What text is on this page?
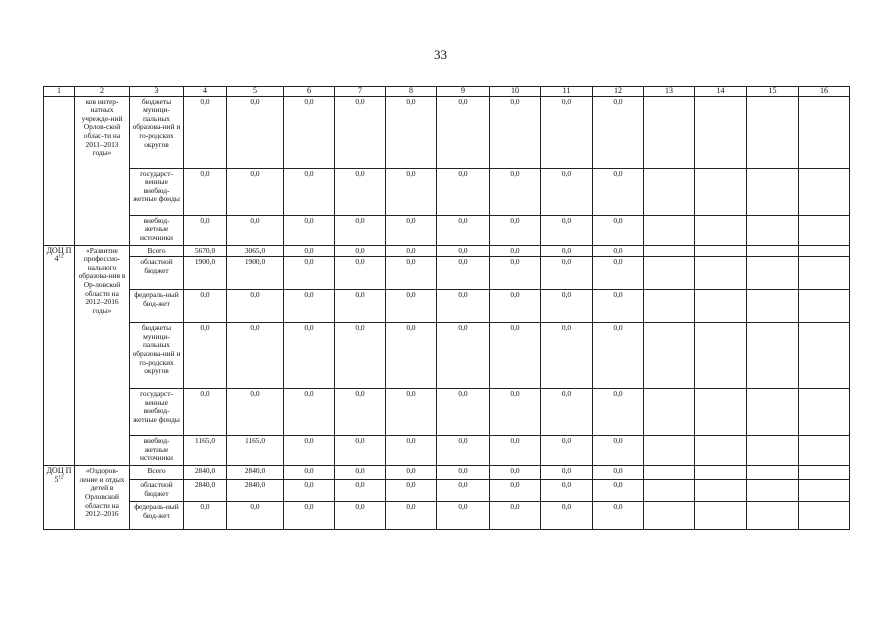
33
1	2	3	4	5	6	7	8	9	10	11	12	13	14	15	16
	ков интер-натных учрежде-ний Орлов-ской облас-ти на 2011–2013 годы»	бюджеты муници-пальных образова-ний и го-родских округов	0,0	0,0	0,0	0,0	0,0	0,0	0,0	0,0	0,0				
		государст-венные внебюд-жетные фонды	0,0	0,0	0,0	0,0	0,0	0,0	0,0	0,0	0,0				
		внебюд-жетные источники	0,0	0,0	0,0	0,0	0,0	0,0	0,0	0,0	0,0				
ДОЦ П $4^{12}$	«Развитие профессио-нального образова-ния в Ор-ловской области на 2012–2016 годы»	Всего	5670,0	3065,0	0,0	0,0	0,0	0,0	0,0	0,0	0,0				
		областной бюджет	1900,0	1900,0	0,0	0,0	0,0	0,0	0,0	0,0	0,0				
		федераль-ный бюд-жет	0,0	0,0	0,0	0,0	0,0	0,0	0,0	0,0	0,0				
		бюджеты муници-пальных образова-ний и го-родских округов	0,0	0,0	0,0	0,0	0,0	0,0	0,0	0,0	0,0				
		государст-венные внебюд-жетные фонды	0,0	0,0	0,0	0,0	0,0	0,0	0,0	0,0	0,0				
		внебюд-жетные источники	1165,0	1165,0	0,0	0,0	0,0	0,0	0,0	0,0	0,0				
ДОЦ П $5^{12}$	«Оздоров-ление и отдых детей в Орловской области на 2012–2016	Всего	2840,0	2840,0	0,0	0,0	0,0	0,0	0,0	0,0	0,0				
		областной бюджет	2840,0	2840,0	0,0	0,0	0,0	0,0	0,0	0,0	0,0				
		федераль-ный бюд-жет	0,0	0,0	0,0	0,0	0,0	0,0	0,0	0,0	0,0				
